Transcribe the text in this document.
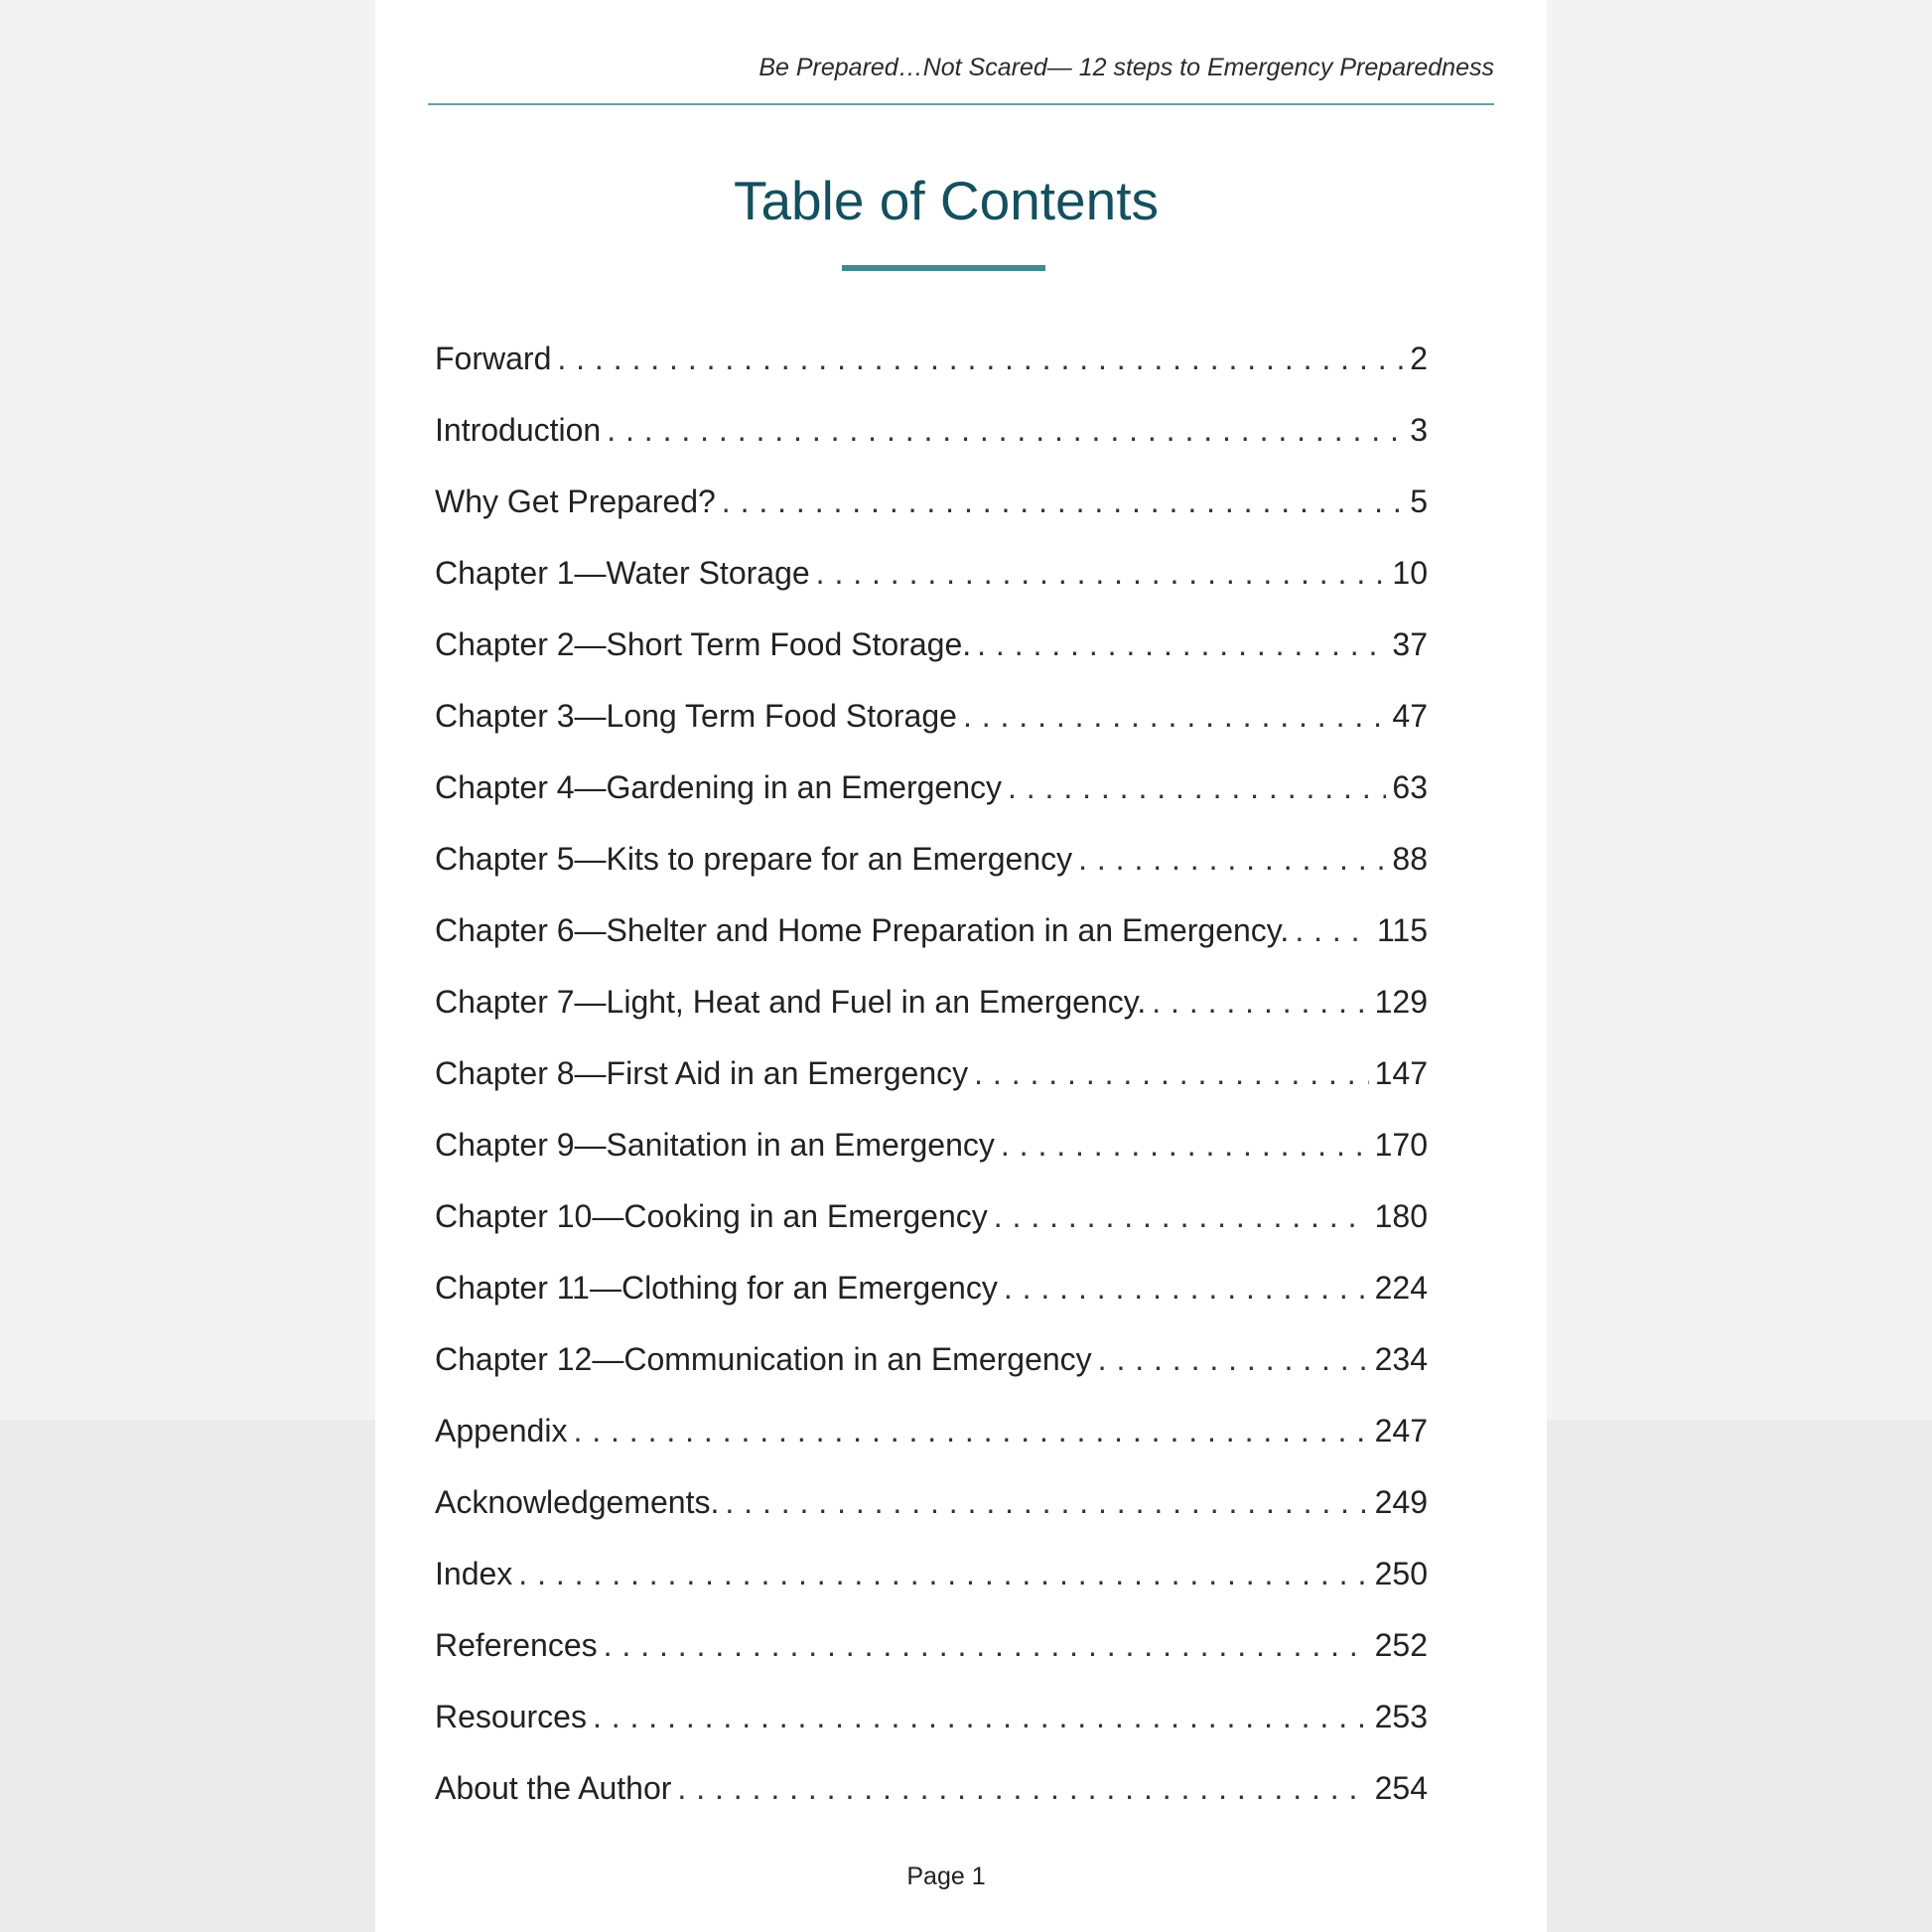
Be Prepared…Not Scared— 12 steps to Emergency Preparedness
Table of Contents
Forward . . .	2
Introduction . . .	3
Why Get Prepared? . . .	5
Chapter 1—Water Storage . . .	10
Chapter 2—Short Term Food Storage. . . .	37
Chapter 3—Long Term Food Storage . . .	47
Chapter 4—Gardening in an Emergency . . .	63
Chapter 5—Kits to prepare for an Emergency . . .	88
Chapter 6—Shelter and Home Preparation in an Emergency. . . .	115
Chapter 7—Light, Heat and Fuel in an Emergency. . . .	129
Chapter 8—First Aid in an Emergency . . .	147
Chapter 9—Sanitation in an Emergency . . .	170
Chapter 10—Cooking in an Emergency . . .	180
Chapter 11—Clothing for an Emergency . . .	224
Chapter 12—Communication in an Emergency . . .	234
Appendix . . .	247
Acknowledgements. . . .	249
Index . . .	250
References . . .	252
Resources . . .	253
About the Author . . .	254
Page 1
